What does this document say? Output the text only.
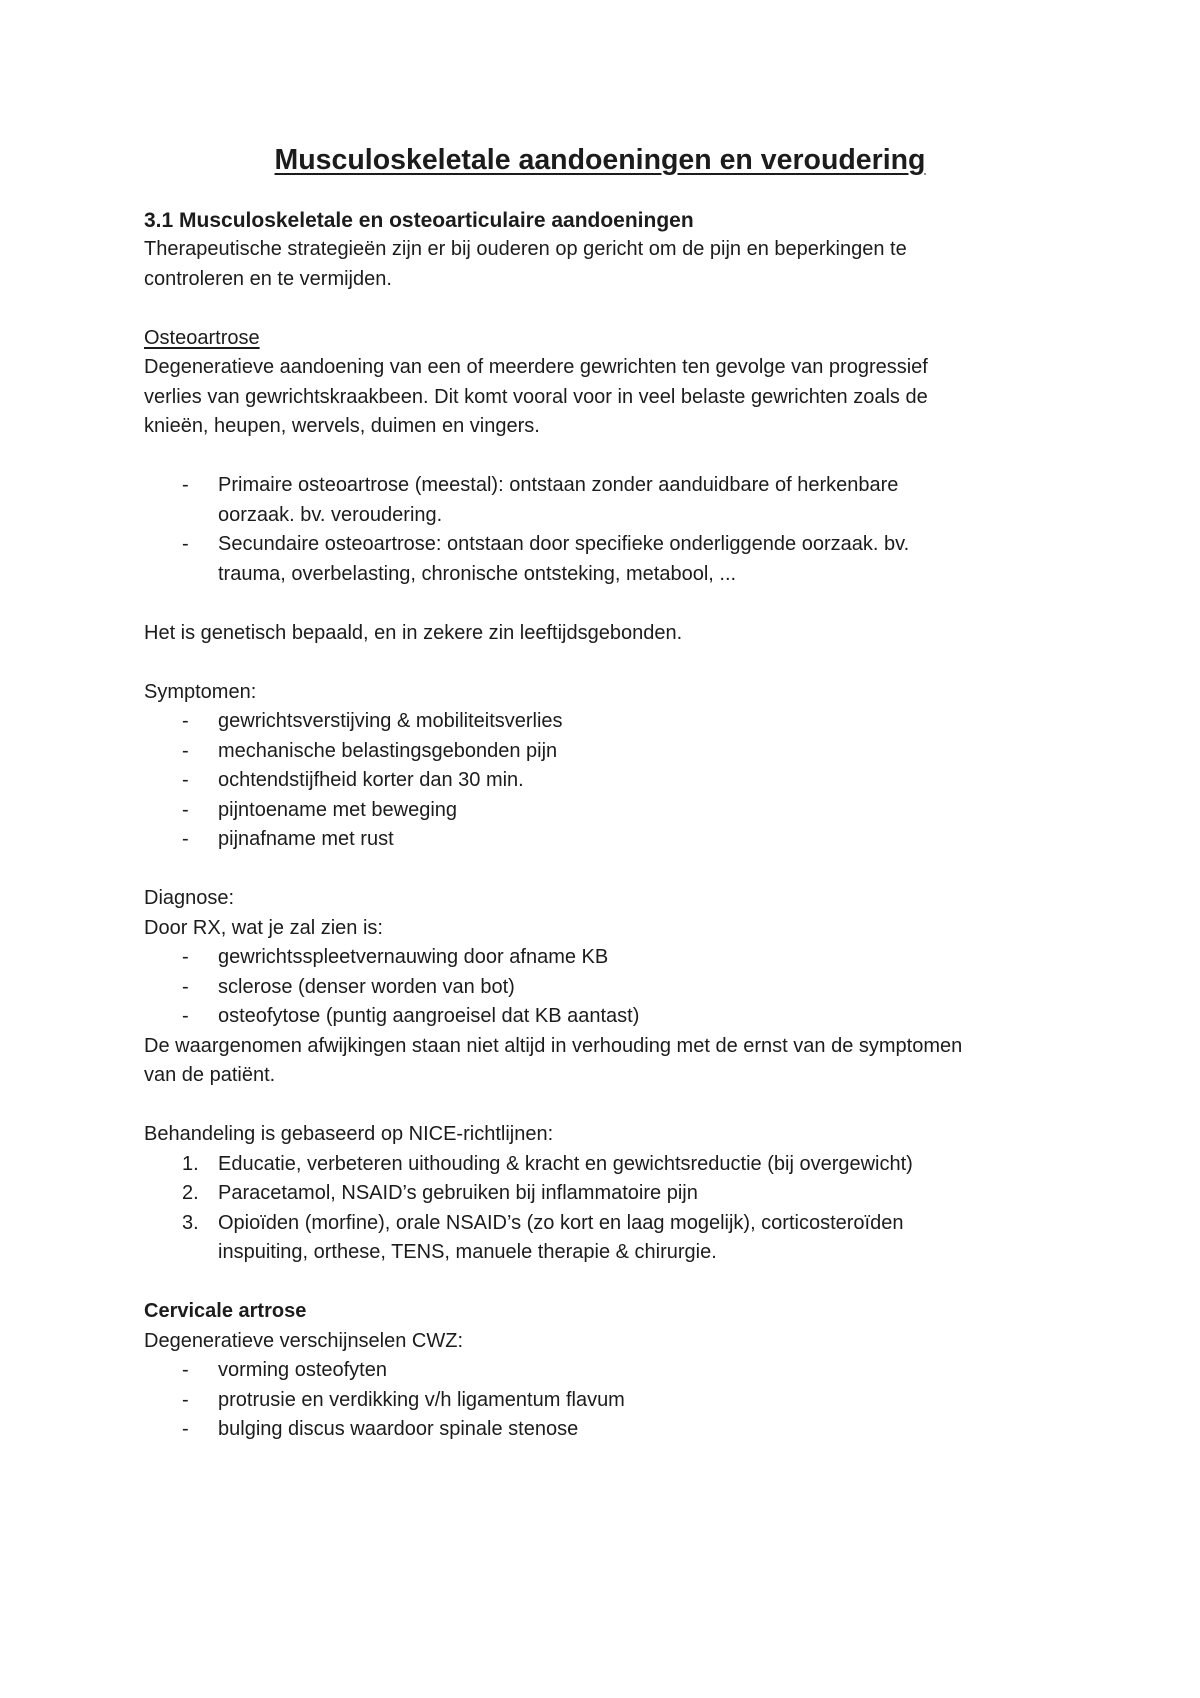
Musculoskeletale aandoeningen en veroudering
3.1 Musculoskeletale en osteoarticulaire aandoeningen

Therapeutische strategieën zijn er bij ouderen op gericht om de pijn en beperkingen te

controleren en te vermijden.

Osteoartrose

Degeneratieve aandoening van een of meerdere gewrichten ten gevolge van progressief

verlies van gewrichtskraakbeen. Dit komt vooral voor in veel belaste gewrichten zoals de

knieën, heupen, wervels, duimen en vingers.

- Primaire osteoartrose (meestal): ontstaan zonder aanduidbare of herkenbare
oorzaak. bv. veroudering.
- Secundaire osteoartrose: ontstaan door specifieke onderliggende oorzaak. bv.
trauma, overbelasting, chronische ontsteking, metabool, ...

Het is genetisch bepaald, en in zekere zin leeftijdsgebonden.

Symptomen:

- gewrichtsverstijving & mobiliteitsverlies
- mechanische belastingsgebonden pijn
- ochtendstijfheid korter dan 30 min.
- pijntoename met beweging
- pijnafname met rust

Diagnose:

Door RX, wat je zal zien is:

- gewrichtsspleetvernauwing door afname KB
- sclerose (denser worden van bot)
- osteofytose (puntig aangroeisel dat KB aantast)

De waargenomen afwijkingen staan niet altijd in verhouding met de ernst van de symptomen

van de patiënt.

Behandeling is gebaseerd op NICE-richtlijnen:

1. Educatie, verbeteren uithouding & kracht en gewichtsreductie (bij overgewicht)
2. Paracetamol, NSAID’s gebruiken bij inflammatoire pijn
3. Opioïden (morfine), orale NSAID’s (zo kort en laag mogelijk), corticosteroïden
inspuiting, orthese, TENS, manuele therapie & chirurgie.

Cervicale artrose

Degeneratieve verschijnselen CWZ:

- vorming osteofyten
- protrusie en verdikking v/h ligamentum flavum
- bulging discus waardoor spinale stenose
